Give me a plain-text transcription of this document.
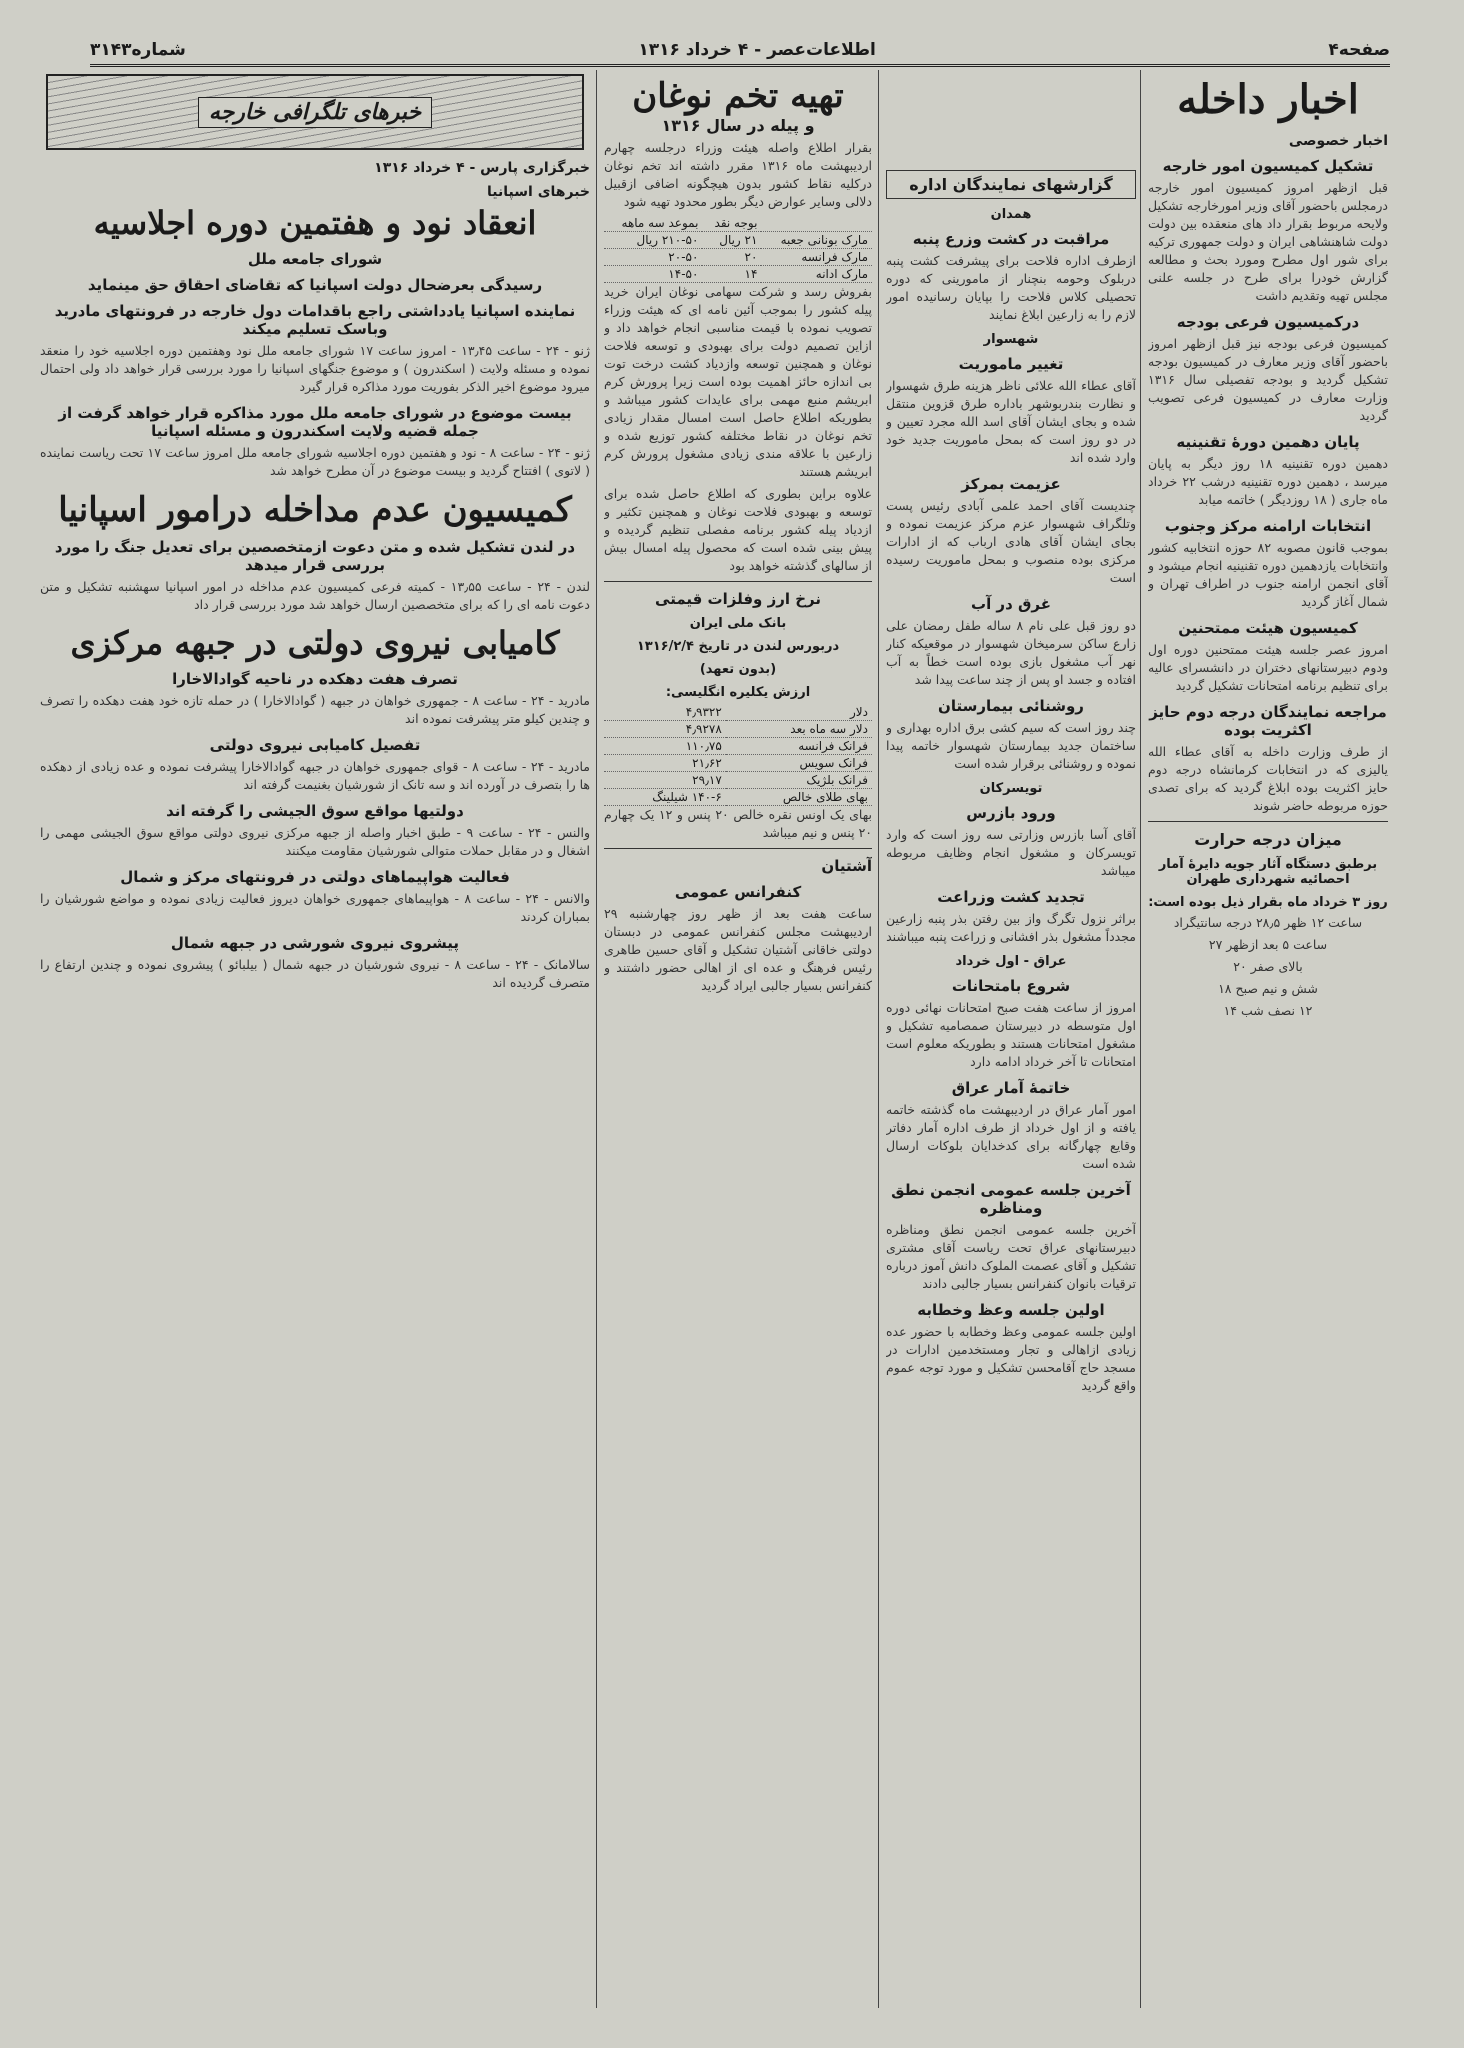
صفحه۴
اطلاعات‌عصر - ۴ خرداد ۱۳۱۶
شماره۳۱۴۳
اخبار داخله
اخبار خصوصی
تشکیل کمیسیون امور خارجه

قبل ازظهر امروز کمیسیون امور خارجه درمجلس باحضور آقای وزیر امورخارجه تشکیل ولایحه مربوط بقرار داد های منعقده بین دولت دولت شاهنشاهی ایران و دولت جمهوری ترکیه برای شور اول مطرح ومورد بحث و مطالعه گزارش خودرا برای طرح در جلسه علنی مجلس تهیه وتقدیم داشت

درکمیسیون فرعی بودجه

کمیسیون فرعی بودجه نیز قبل ازظهر امروز باحضور آقای وزیر معارف در کمیسیون بودجه تشکیل گردید و بودجه تفصیلی سال ۱۳۱۶ وزارت معارف در کمیسیون فرعی تصویب گردید

پایان دهمین دورهٔ تقنینیه

دهمین دوره تقنینیه ۱۸ روز دیگر به پایان میرسد ، دهمین دوره تقنینیه درشب ۲۲ خرداد ماه جاری ( ۱۸ روزدیگر ) خاتمه میابد

انتخابات ارامنه مرکز وجنوب

بموجب قانون مصوبه ۸۲ حوزه انتخابیه کشور وانتخابات یازدهمین دوره تقنینیه انجام میشود و آقای انجمن ارامنه جنوب در اطراف تهران و شمال آغاز گردید

کمیسیون هیئت ممتحنین

امروز عصر جلسه هیئت ممتحنین دوره اول ودوم دبیرستانهای دختران در دانشسرای عالیه برای تنظیم برنامه امتحانات تشکیل گردید

مراجعه نمایندگان درجه دوم حایز اکثریت بوده

از طرف وزارت داخله به آقای عطاء الله یالیزی که در انتخابات کرمانشاه درجه دوم حایز اکثریت بوده ابلاغ گردید که برای تصدی حوزه مربوطه حاضر شوند

میزان درجه حرارت
برطبق دستگاه آثار جویه دایرهٔ آمار احصائیه شهرداری طهران
روز ۳ خرداد ماه بقرار ذیل بوده است:
ساعت ۱۲ ظهر ۲۸٫۵ درجه سانتیگراد
ساعت ۵ بعد ازظهر ۲۷
بالای صفر ۲۰
شش و نیم صبح ۱۸
۱۲ نصف شب ۱۴
گزارشهای نمایندگان اداره
همدان
مراقبت در کشت وزرع پنبه

ازطرف اداره فلاحت برای پیشرفت کشت پنبه دربلوک وحومه بنچنار از مامورینی که دوره تحصیلی کلاس فلاحت را بپایان رسانیده امور لازم را به زارعین ابلاغ نمایند

شهسوار
تغییر ماموریت

آقای عطاء الله علائی ناظر هزینه طرق شهسوار و نظارت بندربوشهر باداره طرق قزوین منتقل شده و بجای ایشان آقای اسد الله مجرد تعیین و در دو روز است که بمحل ماموریت جدید خود وارد شده اند

عزیمت بمرکز

چندیست آقای احمد علمی آبادی رئیس پست وتلگراف شهسوار عزم مرکز عزیمت نموده و بجای ایشان آقای هادی ارباب که از ادارات مرکزی بوده منصوب و بمحل ماموریت رسیده است

غرق در آب

دو روز قبل علی نام ۸ ساله طفل رمضان علی زارع ساکن سرمیخان شهسوار در موقعیکه کنار نهر آب مشغول بازی بوده است خطاً به آب افتاده و جسد او پس از چند ساعت پیدا شد

روشنائی بیمارستان

چند روز است که سیم کشی برق اداره بهداری و ساختمان جدید بیمارستان شهسوار خاتمه پیدا نموده و روشنائی برقرار شده است

تویسرکان
ورود بازرس

آقای آسا بازرس وزارتی سه روز است که وارد تویسرکان و مشغول انجام وظایف مربوطه میباشد

تجدید کشت وزراعت

براثر نزول تگرگ واز بین رفتن بذر پنبه زارعین مجدداً مشغول بذر افشانی و زراعت پنبه میباشند

عراق - اول خرداد
شروع بامتحانات

امروز از ساعت هفت صبح امتحانات نهائی دوره اول متوسطه در دبیرستان صمصامیه تشکیل و مشغول امتحانات هستند و بطوریکه معلوم است امتحانات تا آخر خرداد ادامه دارد

خاتمهٔ آمار عراق

امور آمار عراق در اردیبهشت ماه گذشته خاتمه یافته و از اول خرداد از طرف اداره آمار دفاتر وقایع چهارگانه برای کدخدایان بلوکات ارسال شده است

آخرین جلسه عمومی انجمن نطق ومناظره

آخرین جلسه عمومی انجمن نطق ومناظره دبیرستانهای عراق تحت ریاست آقای مشتری تشکیل و آقای عصمت الملوک دانش آموز درباره ترقیات بانوان کنفرانس بسیار جالبی دادند

اولین جلسه وعظ وخطابه

اولین جلسه عمومی وعظ وخطابه با حضور عده زیادی ازاهالی و تجار ومستخدمین ادارات در مسجد حاج آقامحسن تشکیل و مورد توجه عموم واقع گردید

تهیه تخم نوغان
و پیله در سال ۱۳۱۶

بقرار اطلاع واصله هیئت وزراء درجلسه چهارم اردیبهشت ماه ۱۳۱۶ مقرر داشته اند تخم نوغان درکلیه نقاط کشور بدون هیچگونه اضافی ازقبیل دلالی وسایر عوارض دیگر بطور محدود تهیه شود

	بوجه نقد	بموعد سه ماهه
مارک بونانی جعبه	۲۱ ریال	۲۱۰-۵۰ ریال
مارک فرانسه	۲۰	۲۰-۵۰
مارک ادانه	۱۴	۱۴-۵۰

بفروش رسد و شرکت سهامی نوغان ایران خرید پیله کشور را بموجب آئین نامه ای که هیئت وزراء تصویب نموده با قیمت مناسبی انجام خواهد داد و ازاین تصمیم دولت برای بهبودی و توسعه فلاحت نوغان و همچنین توسعه وازدیاد کشت درخت توت بی اندازه حائز اهمیت بوده است زیرا پرورش کرم ابریشم منبع مهمی برای عایدات کشور میباشد و بطوریکه اطلاع حاصل است امسال مقدار زیادی تخم نوغان در نقاط مختلفه کشور توزیع شده و زارعین با علاقه مندی زیادی مشغول پرورش کرم ابریشم هستند

علاوه براین بطوری که اطلاع حاصل شده برای توسعه و بهبودی فلاحت نوغان و همچنین تکثیر و ازدیاد پیله کشور برنامه مفصلی تنظیم گردیده و پیش بینی شده است که محصول پیله امسال بیش از سالهای گذشته خواهد بود

نرخ ارز وفلزات قیمتی
بانک ملی ایران
دربورس لندن در تاریخ ۱۳۱۶/۲/۴
(بدون تعهد)
ارزش یکلیره انگلیسی:
دلار	۴٫۹۳۲۲
دلار سه ماه بعد	۴٫۹۲۷۸
فرانک فرانسه	۱۱۰٫۷۵
فرانک سویس	۲۱٫۶۲
فرانک بلژیک	۲۹٫۱۷
بهای طلای خالص	۱۴۰-۶ شیلینگ

بهای یک اونس نقره خالص ۲۰ پنس و ۱۲ یک چهارم ۲۰ پنس و نیم میباشد

آشتیان
کنفرانس عمومی

ساعت هفت بعد از ظهر روز چهارشنبه ۲۹ اردیبهشت مجلس کنفرانس عمومی در دبستان دولتی خاقانی آشتیان تشکیل و آقای حسین طاهری رئیس فرهنگ و عده ای از اهالی حضور داشتند و کنفرانس بسیار جالبی ایراد گردید

خبرهای تلگرافی خارجه
خبرگزاری پارس - ۴ خرداد ۱۳۱۶
خبرهای اسپانیا
انعقاد نود و هفتمین دوره اجلاسیه
شورای جامعه ملل
رسیدگی بعرضحال دولت اسپانیا که تقاضای احقاق حق مینماید
نماینده اسپانیا یادداشتی راجع باقدامات دول خارجه در فرونتهای مادرید وباسک تسلیم میکند

ژنو - ۲۴ - ساعت ۱۳٫۴۵ - امروز ساعت ۱۷ شورای جامعه ملل نود وهفتمین دوره اجلاسیه خود را منعقد نموده و مسئله ولایت ( اسکندرون ) و موضوع جنگهای اسپانیا را مورد بررسی قرار خواهد داد ولی احتمال میرود موضوع اخیر الذکر بفوریت مورد مذاکره قرار گیرد

بیست موضوع در شورای جامعه ملل مورد مذاکره قرار خواهد گرفت از جمله قضیه ولایت اسکندرون و مسئله اسپانیا

ژنو - ۲۴ - ساعت ۸ - نود و هفتمین دوره اجلاسیه شورای جامعه ملل امروز ساعت ۱۷ تحت ریاست نماینده ( لاتوی ) افتتاح گردید و بیست موضوع در آن مطرح خواهد شد

کمیسیون عدم مداخله درامور اسپانیا
در لندن تشکیل شده و متن دعوت ازمتخصصین برای تعدیل جنگ را مورد بررسی قرار میدهد

لندن - ۲۴ - ساعت ۱۳٫۵۵ - کمیته فرعی کمیسیون عدم مداخله در امور اسپانیا سهشنبه تشکیل و متن دعوت نامه ای را که برای متخصصین ارسال خواهد شد مورد بررسی قرار داد

کامیابی نیروی دولتی در جبهه مرکزی
تصرف هفت دهکده در ناحیه گوادالاخارا

مادرید - ۲۴ - ساعت ۸ - جمهوری خواهان در جبهه ( گوادالاخارا ) در حمله تازه خود هفت دهکده را تصرف و چندین کیلو متر پیشرفت نموده اند

تفصیل کامیابی نیروی دولتی

مادرید - ۲۴ - ساعت ۸ - قوای جمهوری خواهان در جبهه گوادالاخارا پیشرفت نموده و عده زیادی از دهکده ها را بتصرف در آورده اند و سه تانک از شورشیان بغنیمت گرفته اند

دولتیها مواقع سوق الجیشی را گرفته اند

والنس - ۲۴ - ساعت ۹ - طبق اخبار واصله از جبهه مرکزی نیروی دولتی مواقع سوق الجیشی مهمی را اشغال و در مقابل حملات متوالی شورشیان مقاومت میکنند

فعالیت هواپیماهای دولتی در فرونتهای مرکز و شمال

والانس - ۲۴ - ساعت ۸ - هواپیماهای جمهوری خواهان دیروز فعالیت زیادی نموده و مواضع شورشیان را بمباران کردند

پیشروی نیروی شورشی در جبهه شمال

سالامانک - ۲۴ - ساعت ۸ - نیروی شورشیان در جبهه شمال ( بیلبائو ) پیشروی نموده و چندین ارتفاع را متصرف گردیده اند
